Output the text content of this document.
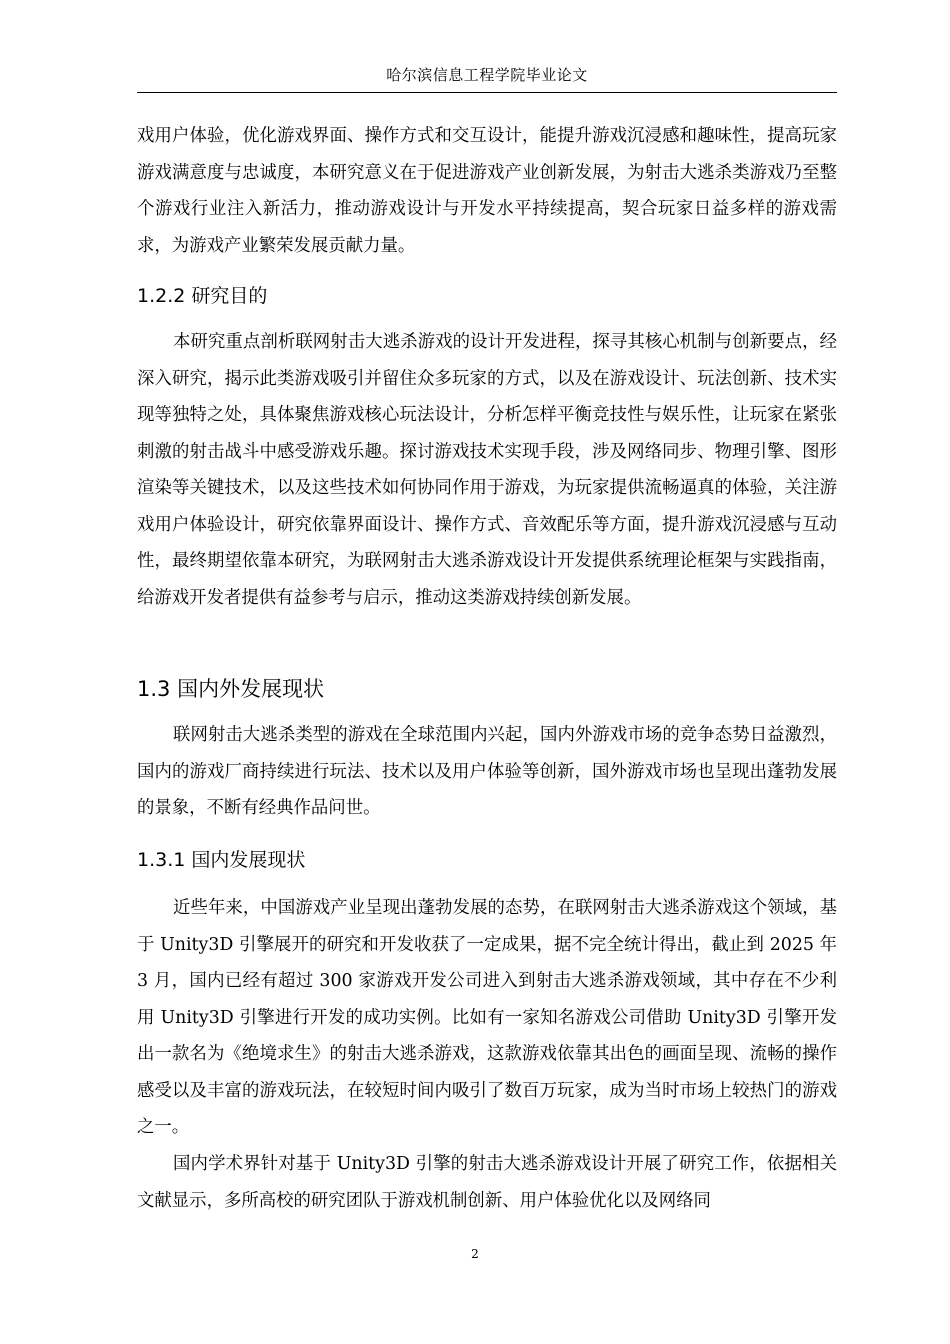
哈尔滨信息工程学院毕业论文
戏用户体验，优化游戏界面、操作方式和交互设计，能提升游戏沉浸感和趣味性，提高玩家游戏满意度与忠诚度，本研究意义在于促进游戏产业创新发展，为射击大逃杀类游戏乃至整个游戏行业注入新活力，推动游戏设计与开发水平持续提高，契合玩家日益多样的游戏需求，为游戏产业繁荣发展贡献力量。
1.2.2 研究目的
本研究重点剖析联网射击大逃杀游戏的设计开发进程，探寻其核心机制与创新要点，经深入研究，揭示此类游戏吸引并留住众多玩家的方式，以及在游戏设计、玩法创新、技术实现等独特之处，具体聚焦游戏核心玩法设计，分析怎样平衡竞技性与娱乐性，让玩家在紧张刺激的射击战斗中感受游戏乐趣。探讨游戏技术实现手段，涉及网络同步、物理引擎、图形渲染等关键技术，以及这些技术如何协同作用于游戏，为玩家提供流畅逼真的体验，关注游戏用户体验设计，研究依靠界面设计、操作方式、音效配乐等方面，提升游戏沉浸感与互动性，最终期望依靠本研究，为联网射击大逃杀游戏设计开发提供系统理论框架与实践指南，给游戏开发者提供有益参考与启示，推动这类游戏持续创新发展。
1.3 国内外发展现状
联网射击大逃杀类型的游戏在全球范围内兴起，国内外游戏市场的竞争态势日益激烈，国内的游戏厂商持续进行玩法、技术以及用户体验等创新，国外游戏市场也呈现出蓬勃发展的景象，不断有经典作品问世。
1.3.1 国内发展现状
近些年来，中国游戏产业呈现出蓬勃发展的态势，在联网射击大逃杀游戏这个领域，基于 Unity3D 引擎展开的研究和开发收获了一定成果，据不完全统计得出，截止到 2025 年 3 月，国内已经有超过 300 家游戏开发公司进入到射击大逃杀游戏领域，其中存在不少利用 Unity3D 引擎进行开发的成功实例。比如有一家知名游戏公司借助 Unity3D 引擎开发出一款名为《绝境求生》的射击大逃杀游戏，这款游戏依靠其出色的画面呈现、流畅的操作感受以及丰富的游戏玩法，在较短时间内吸引了数百万玩家，成为当时市场上较热门的游戏之一。
国内学术界针对基于 Unity3D 引擎的射击大逃杀游戏设计开展了研究工作，依据相关文献显示，多所高校的研究团队于游戏机制创新、用户体验优化以及网络同
2
